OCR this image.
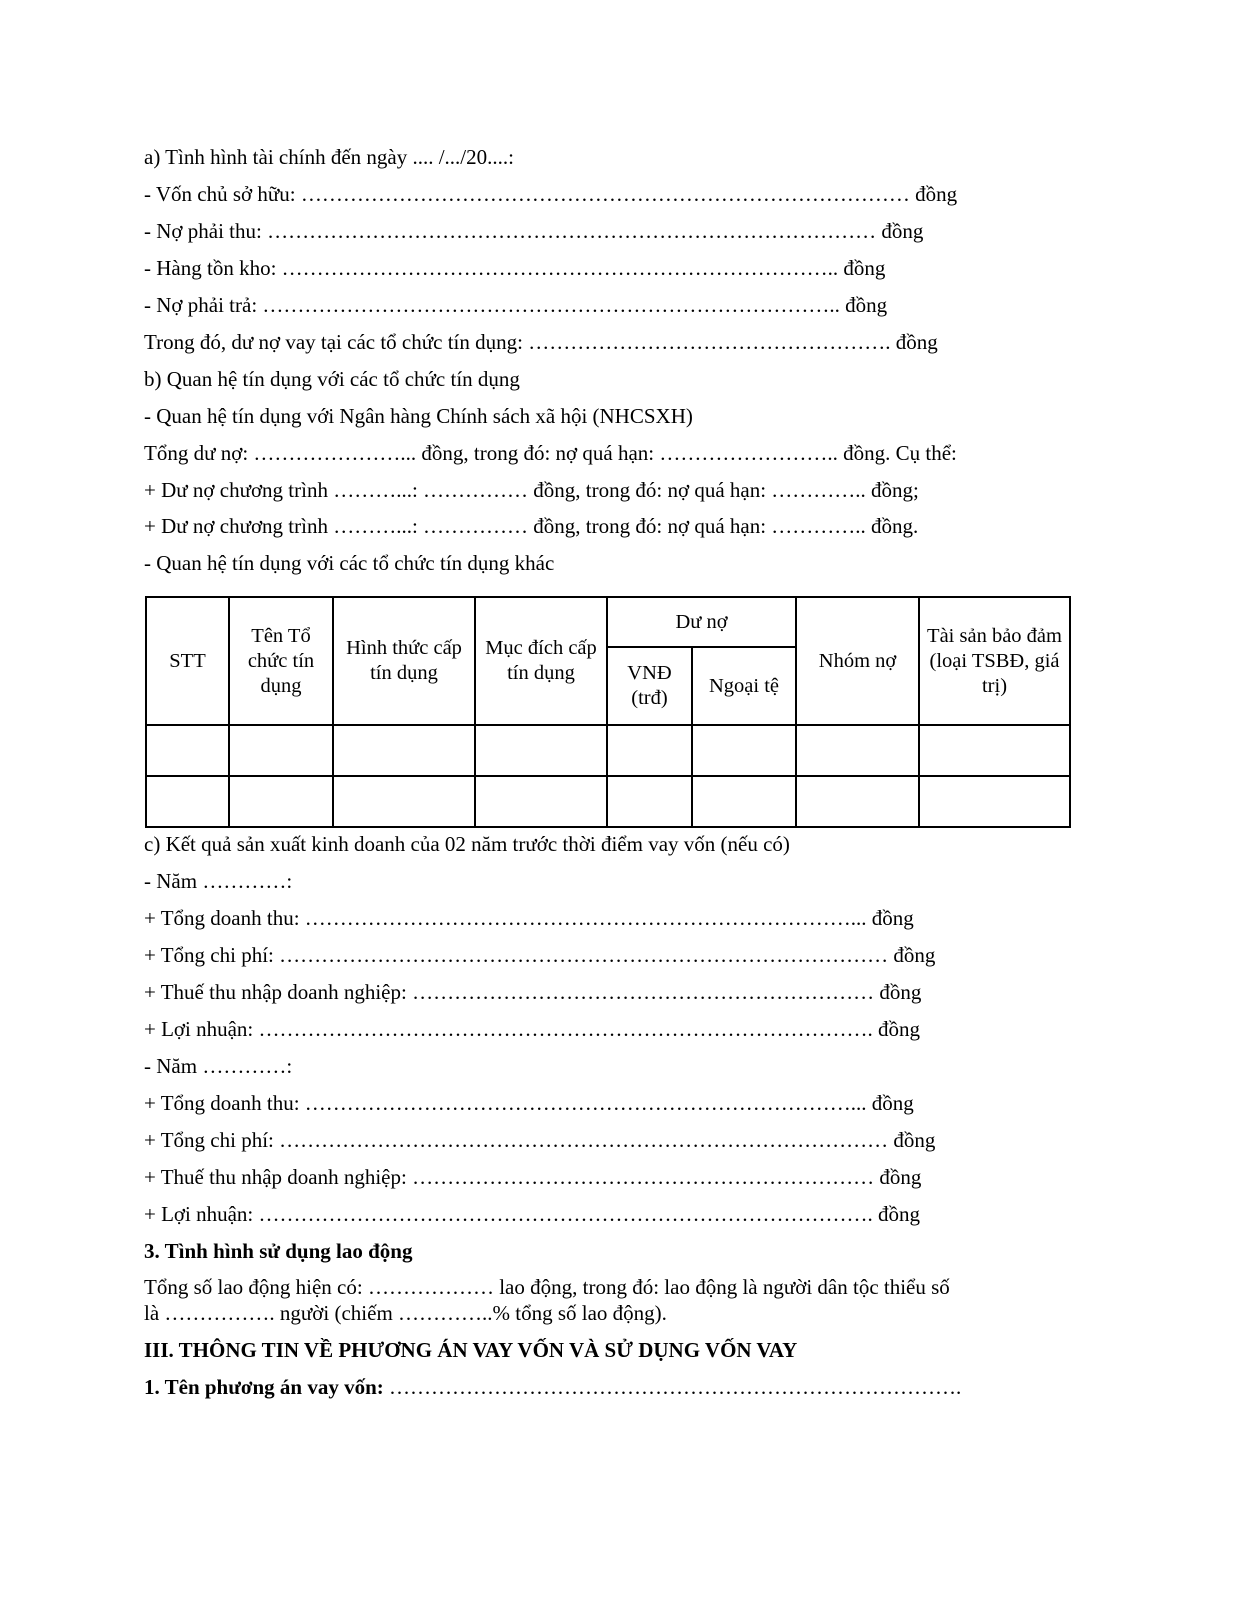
a) Tình hình tài chính đến ngày .... /.../20....:

- Vốn chủ sở hữu: …………………………………………………………………………… đồng

- Nợ phải thu: …………………………………………………………………………… đồng

- Hàng tồn kho: …………………………………………………………………….. đồng

- Nợ phải trả: ……………………………………………………………………….. đồng

Trong đó, dư nợ vay tại các tổ chức tín dụng: ……………………………………………. đồng

b) Quan hệ tín dụng với các tổ chức tín dụng

- Quan hệ tín dụng với Ngân hàng Chính sách xã hội (NHCSXH)

Tổng dư nợ: …………………... đồng, trong đó: nợ quá hạn: …………………….. đồng. Cụ thể:

+ Dư nợ chương trình ………...: …………… đồng, trong đó: nợ quá hạn: ………….. đồng;

+ Dư nợ chương trình ………...: …………… đồng, trong đó: nợ quá hạn: ………….. đồng.

- Quan hệ tín dụng với các tổ chức tín dụng khác

STT	Tên Tổ chức tín dụng	Hình thức cấp tín dụng	Mục đích cấp tín dụng	Dư nợ		Nhóm nợ	Tài sản bảo đảm (loại TSBĐ, giá trị)
				VNĐ (trđ)	Ngoại tệ		

c) Kết quả sản xuất kinh doanh của 02 năm trước thời điểm vay vốn (nếu có)

- Năm …………:

+ Tổng doanh thu: ……………………………………………………………………... đồng

+ Tổng chi phí: …………………………………………………………………………… đồng

+ Thuế thu nhập doanh nghiệp: ………………………………………………………… đồng

+ Lợi nhuận: ……………………………………………………………………………. đồng

- Năm …………:

+ Tổng doanh thu: ……………………………………………………………………... đồng

+ Tổng chi phí: …………………………………………………………………………… đồng

+ Thuế thu nhập doanh nghiệp: ………………………………………………………… đồng

+ Lợi nhuận: ……………………………………………………………………………. đồng

3. Tình hình sử dụng lao động

Tổng số lao động hiện có: ……………… lao động, trong đó: lao động là người dân tộc thiểu số

là ……………. người (chiếm …………..% tổng số lao động).

III. THÔNG TIN VỀ PHƯƠNG ÁN VAY VỐN VÀ SỬ DỤNG VỐN VAY

1. Tên phương án vay vốn: ……………………………………………………………………….
